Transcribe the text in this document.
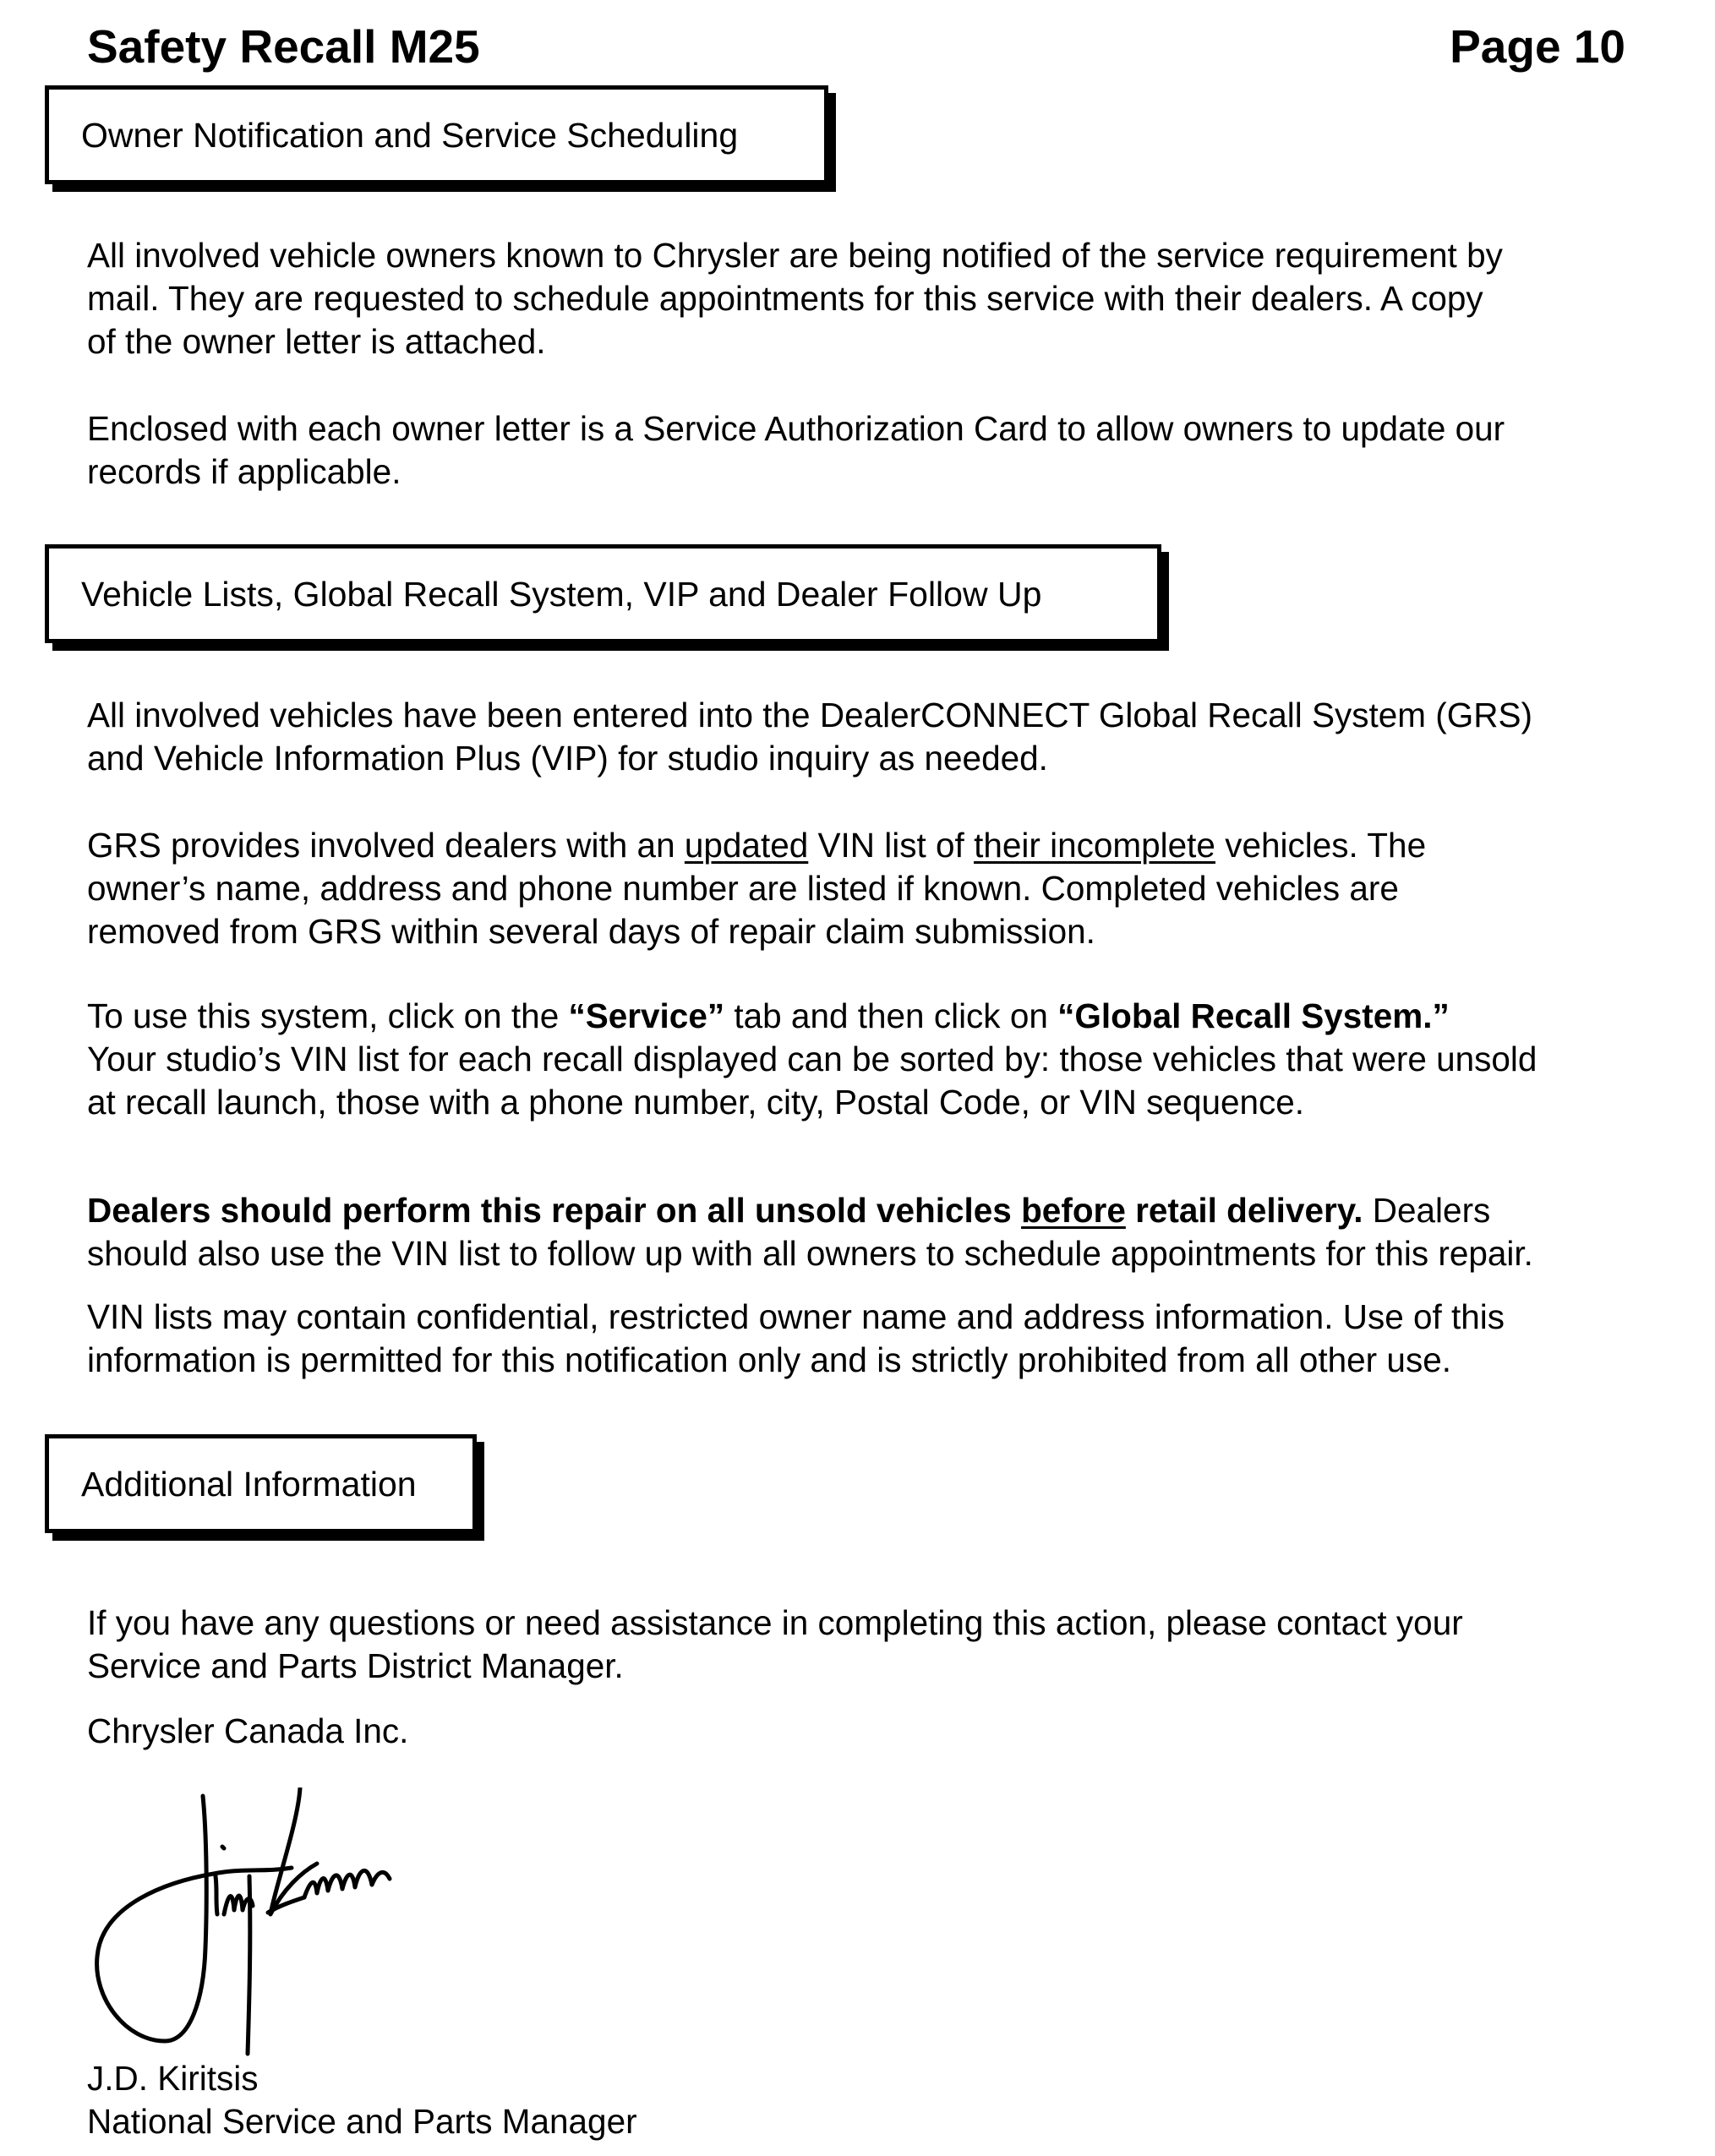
Safety Recall M25	Page 10
Owner Notification and Service Scheduling

All involved vehicle owners known to Chrysler are being notified of the service requirement by
mail. They are requested to schedule appointments for this service with their dealers. A copy
of the owner letter is attached.

Enclosed with each owner letter is a Service Authorization Card to allow owners to update our
records if applicable.

Vehicle Lists, Global Recall System, VIP and Dealer Follow Up

All involved vehicles have been entered into the DealerCONNECT Global Recall System (GRS)
and Vehicle Information Plus (VIP) for studio inquiry as needed.

GRS provides involved dealers with an updated VIN list of their incomplete vehicles. The
owner’s name, address and phone number are listed if known. Completed vehicles are
removed from GRS within several days of repair claim submission.

To use this system, click on the “Service” tab and then click on “Global Recall System.”
Your studio’s VIN list for each recall displayed can be sorted by: those vehicles that were unsold
at recall launch, those with a phone number, city, Postal Code, or VIN sequence.

Dealers should perform this repair on all unsold vehicles before retail delivery. Dealers
should also use the VIN list to follow up with all owners to schedule appointments for this repair.

VIN lists may contain confidential, restricted owner name and address information. Use of this
information is permitted for this notification only and is strictly prohibited from all other use.

Additional Information

If you have any questions or need assistance in completing this action, please contact your
Service and Parts District Manager.

Chrysler Canada Inc.

J.D. Kiritsis
National Service and Parts Manager
